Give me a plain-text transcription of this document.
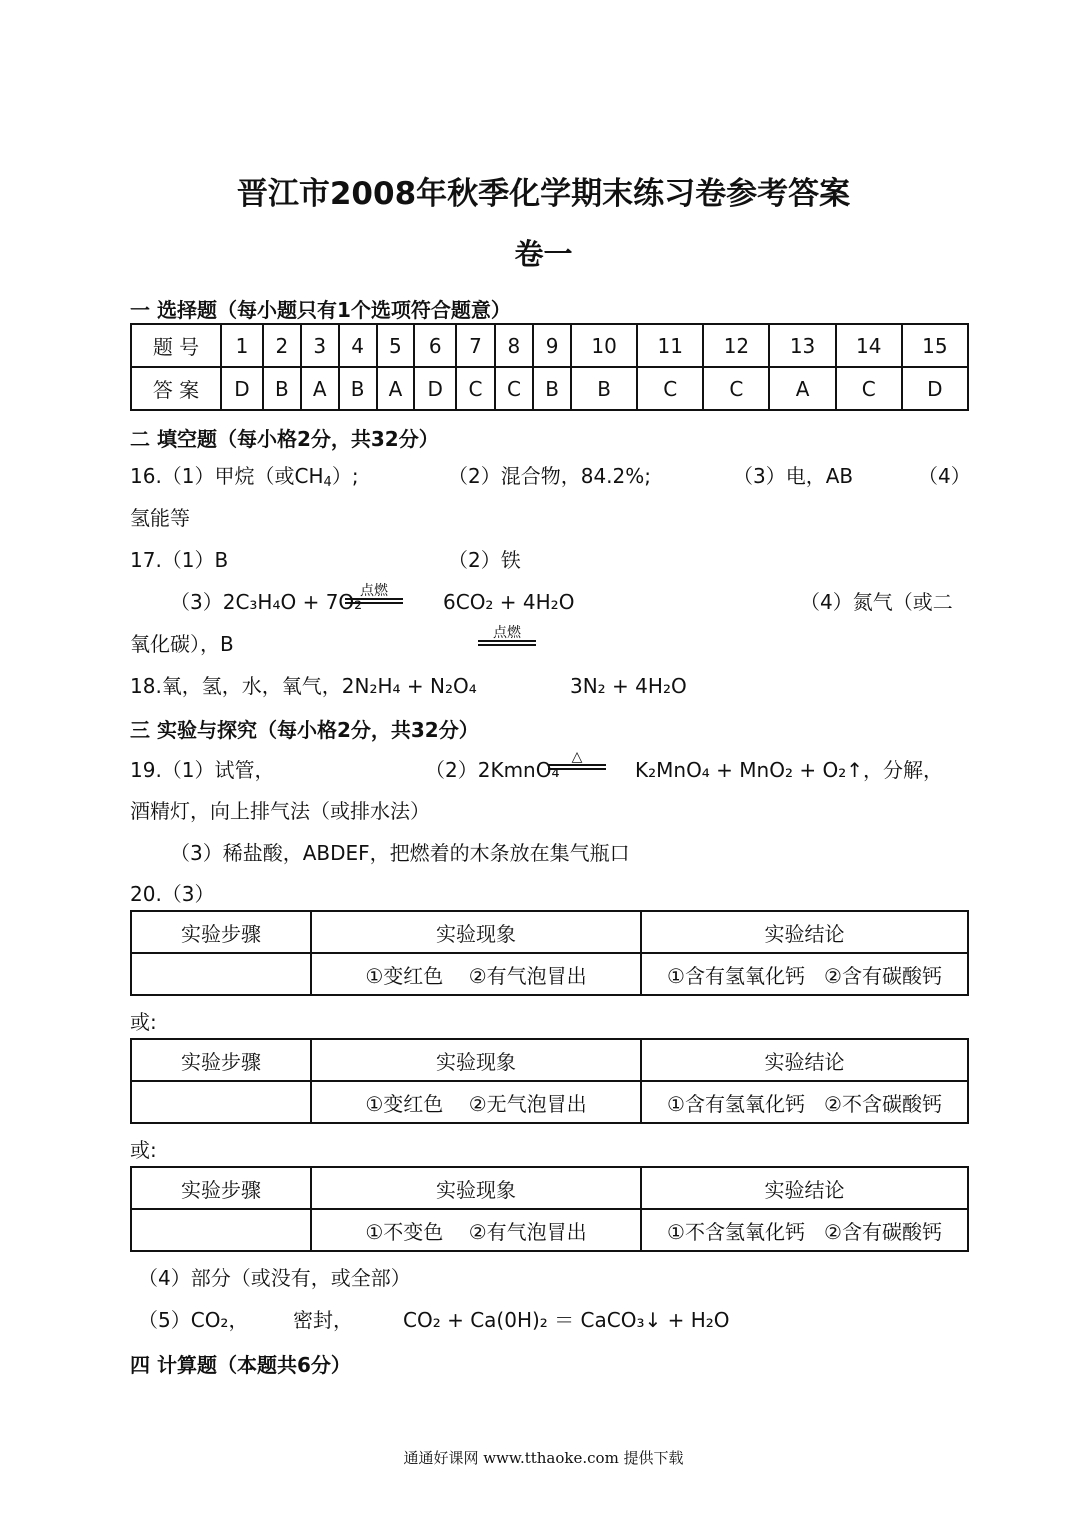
晋江市2008年秋季化学期末练习卷参考答案
卷一
一 选择题（每小题只有1个选项符合题意）
题 号	1	2	3	4	5	6	7	8	9	10	11	12	13	14	15
答 案	D	B	A	B	A	D	C	C	B	B	C	C	A	C	D
二 填空题（每小格2分，共32分）
16.（1）甲烷（或$CH_4$）;	（2）混合物，84.2%;	（3）电，AB	（4）
氢能等
17.（1）B	（2）铁
（3）2C₃H₄O + 7O₂
点燃	6CO₂ + 4H₂O	（4）氮气（或二
氧化碳），B	点燃
18.氧，氢，水，氧气，2N₂H₄ + N₂O₄	3N₂ + 4H₂O
三 实验与探究（每小格2分，共32分）
19.（1）试管，	（2）2KmnO₄
△
K₂MnO₄ + MnO₂ + O₂↑，分解，
酒精灯，向上排气法（或排水法）
（3）稀盐酸，ABDEF，把燃着的木条放在集气瓶口
20.（3）
实验步骤	实验现象	实验结论
	①变红色 ②有气泡冒出	①含有氢氧化钙 ②含有碳酸钙
或:
实验步骤	实验现象	实验结论
	①变红色 ②无气泡冒出	①含有氢氧化钙 ②不含碳酸钙
或:
实验步骤	实验现象	实验结论
	①不变色 ②有气泡冒出	①不含氢氧化钙 ②含有碳酸钙
（4）部分（或没有，或全部）
（5）CO₂， 密封，	CO₂ + Ca(0H)₂ ＝ CaCO₃↓ + H₂O
四 计算题（本题共6分）
通通好课网 www.tthaoke.com 提供下载
